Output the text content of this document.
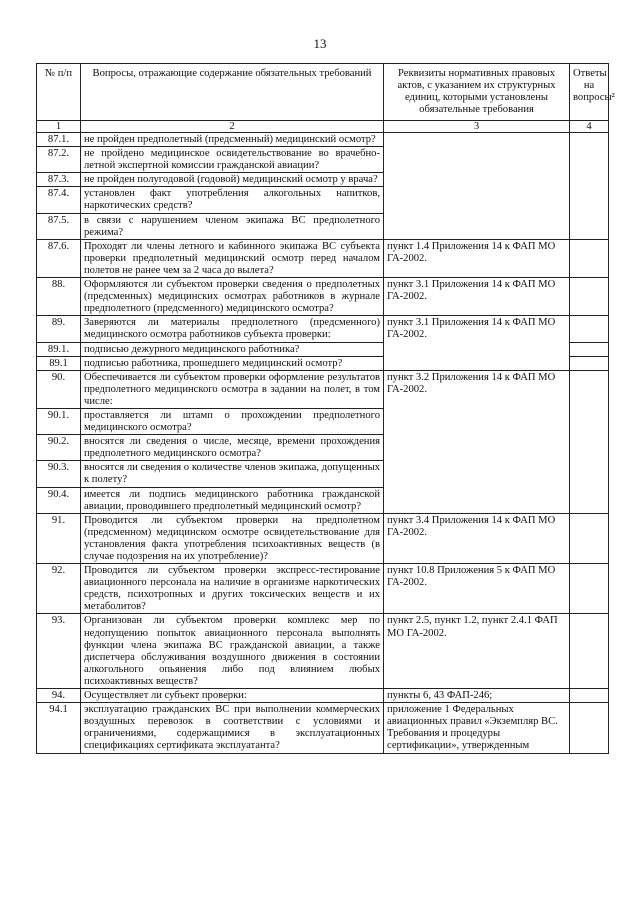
13
№ п/п	Вопросы, отражающие содержание обязательных требований	Реквизиты нормативных правовых актов, с указанием их структурных единиц, которыми установлены обязательные требования	Ответы на вопросы²
1	2	3	4
87.1.	не пройден предполетный (предсменный) медицинский осмотр?		
87.2.	не пройдено медицинское освидетельствование во врачебно-летной экспертной комиссии гражданской авиации?		
87.3.	не пройден полугодовой (годовой) медицинский осмотр у врача?		
87.4.	установлен факт употребления алкогольных напитков, наркотических средств?		
87.5.	в связи с нарушением членом экипажа ВС предполетного режима?		
87.6.	Проходят ли члены летного и кабинного экипажа ВС субъекта проверки предполетный медицинский осмотр перед началом полетов не ранее чем за 2 часа до вылета?	пункт 1.4 Приложения 14 к ФАП МО ГА-2002.	
88.	Оформляются ли субъектом проверки сведения о предполетных (предсменных) медицинских осмотрах работников в журнале предполетного (предсменного) медицинского осмотра?	пункт 3.1 Приложения 14 к ФАП МО ГА-2002.	
89.	Заверяются ли материалы предполетного (предсменного) медицинского осмотра работников субъекта проверки:	пункт 3.1 Приложения 14 к ФАП МО ГА-2002.	
89.1.	подписью дежурного медицинского работника?		
89.1	подписью работника, прошедшего медицинский осмотр?		
90.	Обеспечивается ли субъектом проверки оформление результатов предполетного медицинского осмотра в задании на полет, в том числе:	пункт 3.2 Приложения 14 к ФАП МО ГА-2002.	
90.1.	проставляется ли штамп о прохождении предполетного медицинского осмотра?		
90.2.	вносятся ли сведения о числе, месяце, времени прохождения предполетного медицинского осмотра?		
90.3.	вносятся ли сведения о количестве членов экипажа, допущенных к полету?		
90.4.	имеется ли подпись медицинского работника гражданской авиации, проводившего предполетный медицинский осмотр?		
91.	Проводится ли субъектом проверки на предполетном (предсменном) медицинском осмотре освидетельствование для установления факта употребления психоактивных веществ (в случае подозрения на их употребление)?	пункт 3.4 Приложения 14 к ФАП МО ГА-2002.	
92.	Проводится ли субъектом проверки экспресс-тестирование авиационного персонала на наличие в организме наркотических средств, психотропных и других токсических веществ и их метаболитов?	пункт 10.8 Приложения 5 к ФАП МО ГА-2002.	
93.	Организован ли субъектом проверки комплекс мер по недопущению попыток авиационного персонала выполнять функции члена экипажа ВС гражданской авиации, а также диспетчера обслуживания воздушного движения в состоянии алкогольного опьянения либо под влиянием любых психоактивных веществ?	пункт 2.5, пункт 1.2, пункт 2.4.1 ФАП МО ГА-2002.	
94.	Осуществляет ли субъект проверки:	пункты 6, 43 ФАП-246;	
94.1	эксплуатацию гражданских ВС при выполнении коммерческих воздушных перевозок в соответствии с условиями и ограничениями, содержащимися в эксплуатационных спецификациях сертификата эксплуатанта?	приложение 1 Федеральных авиационных правил «Экземпляр ВС. Требования и процедуры сертификации», утвержденным	
